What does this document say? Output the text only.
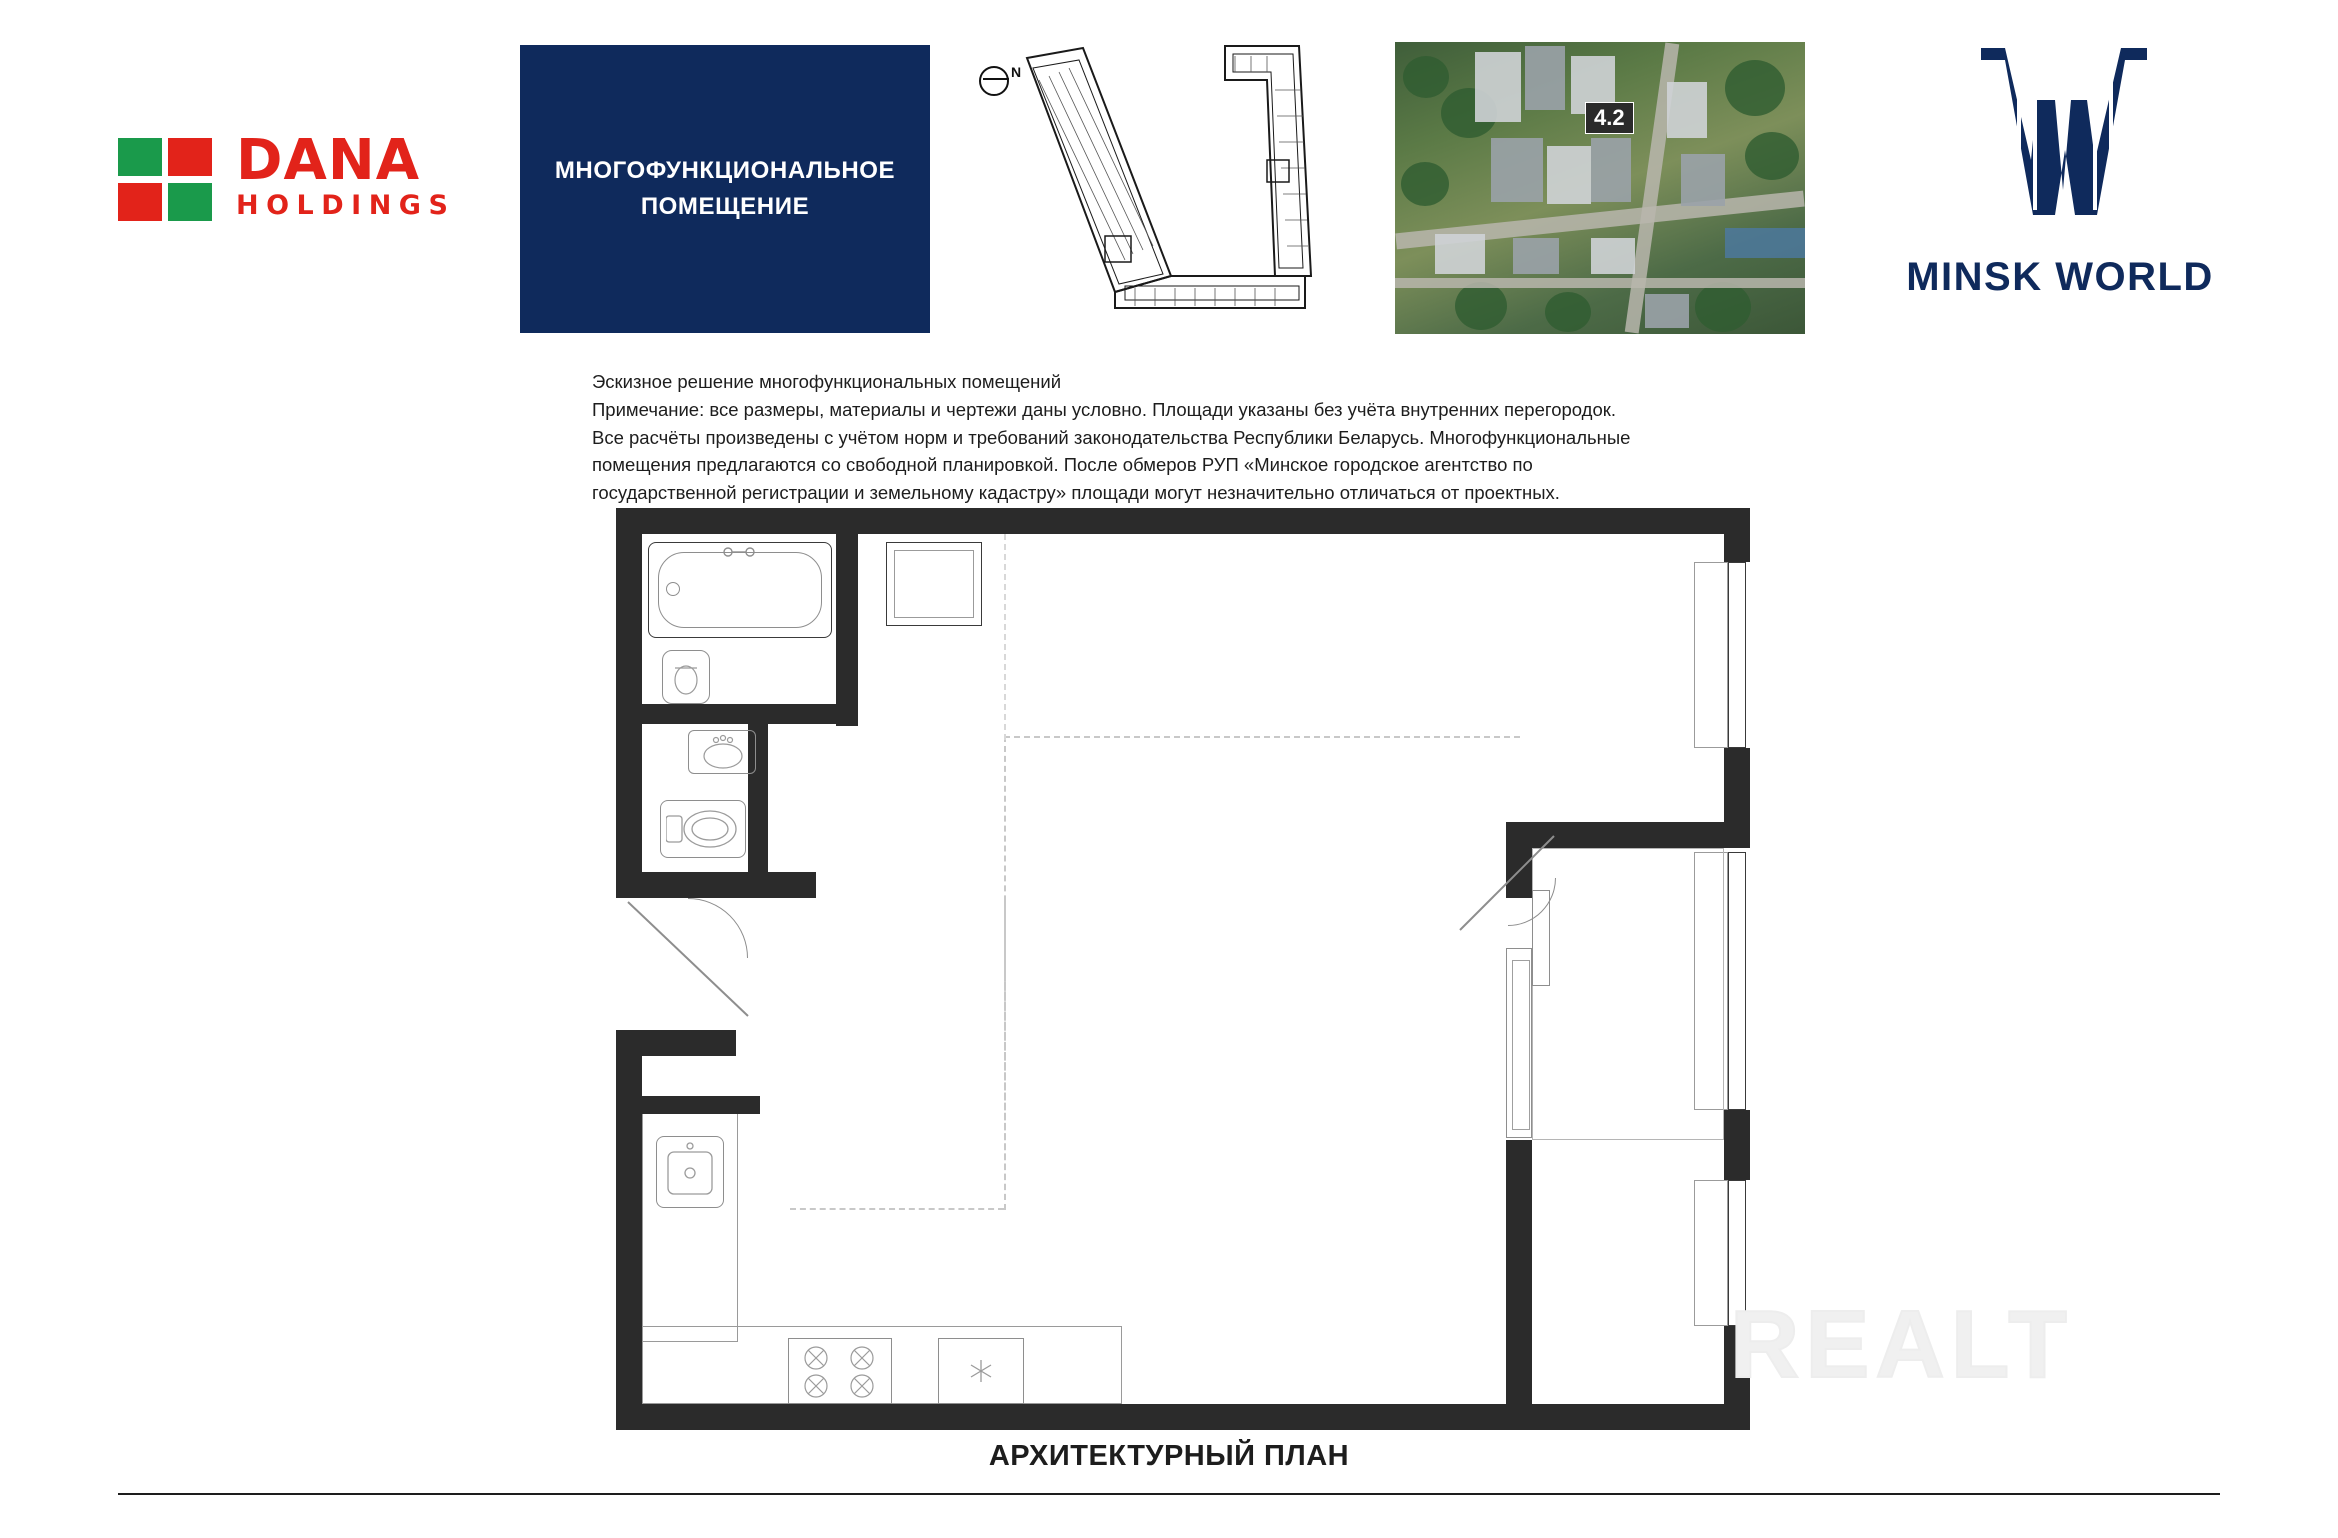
DANA
HOLDINGS
МНОГОФУНКЦИОНАЛЬНОЕ ПОМЕЩЕНИЕ
N
4.2
MINSK WORLD
Эскизное решение многофункциональных помещений
Примечание: все размеры, материалы и чертежи даны условно. Площади указаны без учёта внутренних перегородок.
Все расчёты произведены с учётом норм и требований законодательства Республики Беларусь. Многофункциональные
помещения предлагаются со свободной планировкой. После обмеров РУП «Минское городское агентство по
государственной регистрации и земельному кадастру» площади могут незначительно отличаться от проектных.
REALT
АРХИТЕКТУРНЫЙ ПЛАН
